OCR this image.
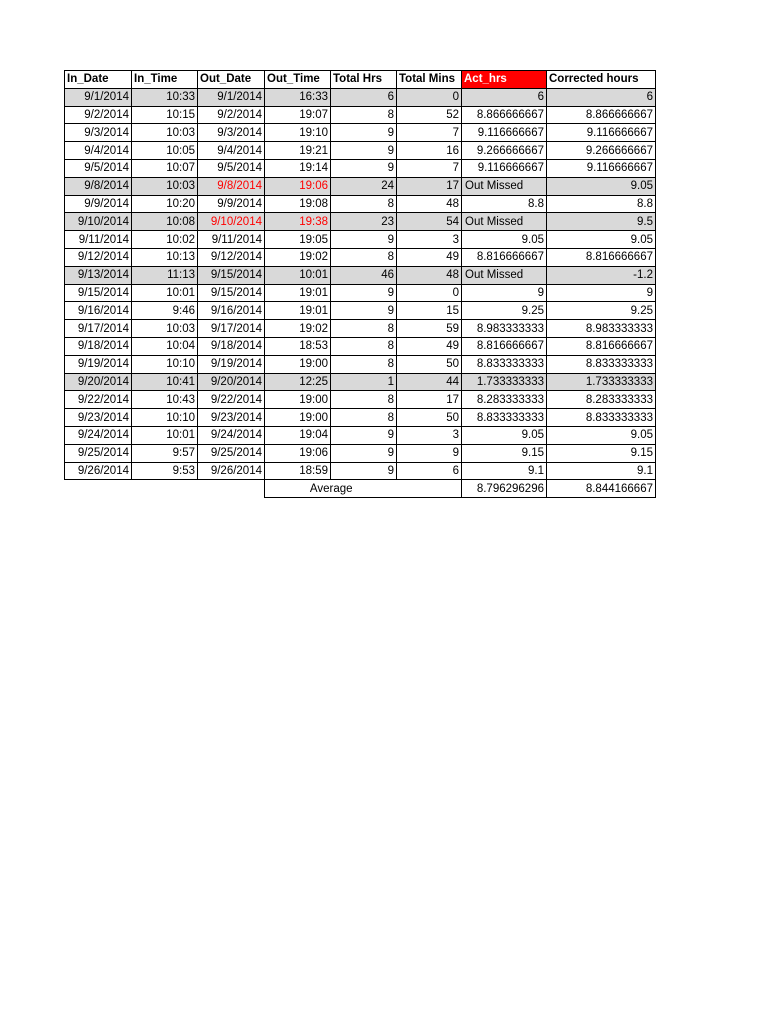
In_Date	In_Time	Out_Date	Out_Time	Total Hrs	Total Mins	Act_hrs	Corrected hours
9/1/2014	10:33	9/1/2014	16:33	6	0	6	6
9/2/2014	10:15	9/2/2014	19:07	8	52	8.866666667	8.866666667
9/3/2014	10:03	9/3/2014	19:10	9	7	9.116666667	9.116666667
9/4/2014	10:05	9/4/2014	19:21	9	16	9.266666667	9.266666667
9/5/2014	10:07	9/5/2014	19:14	9	7	9.116666667	9.116666667
9/8/2014	10:03	9/8/2014	19:06	24	17	Out Missed	9.05
9/9/2014	10:20	9/9/2014	19:08	8	48	8.8	8.8
9/10/2014	10:08	9/10/2014	19:38	23	54	Out Missed	9.5
9/11/2014	10:02	9/11/2014	19:05	9	3	9.05	9.05
9/12/2014	10:13	9/12/2014	19:02	8	49	8.816666667	8.816666667
9/13/2014	11:13	9/15/2014	10:01	46	48	Out Missed	-1.2
9/15/2014	10:01	9/15/2014	19:01	9	0	9	9
9/16/2014	9:46	9/16/2014	19:01	9	15	9.25	9.25
9/17/2014	10:03	9/17/2014	19:02	8	59	8.983333333	8.983333333
9/18/2014	10:04	9/18/2014	18:53	8	49	8.816666667	8.816666667
9/19/2014	10:10	9/19/2014	19:00	8	50	8.833333333	8.833333333
9/20/2014	10:41	9/20/2014	12:25	1	44	1.733333333	1.733333333
9/22/2014	10:43	9/22/2014	19:00	8	17	8.283333333	8.283333333
9/23/2014	10:10	9/23/2014	19:00	8	50	8.833333333	8.833333333
9/24/2014	10:01	9/24/2014	19:04	9	3	9.05	9.05
9/25/2014	9:57	9/25/2014	19:06	9	9	9.15	9.15
9/26/2014	9:53	9/26/2014	18:59	9	6	9.1	9.1
			Average			8.796296296	8.844166667
